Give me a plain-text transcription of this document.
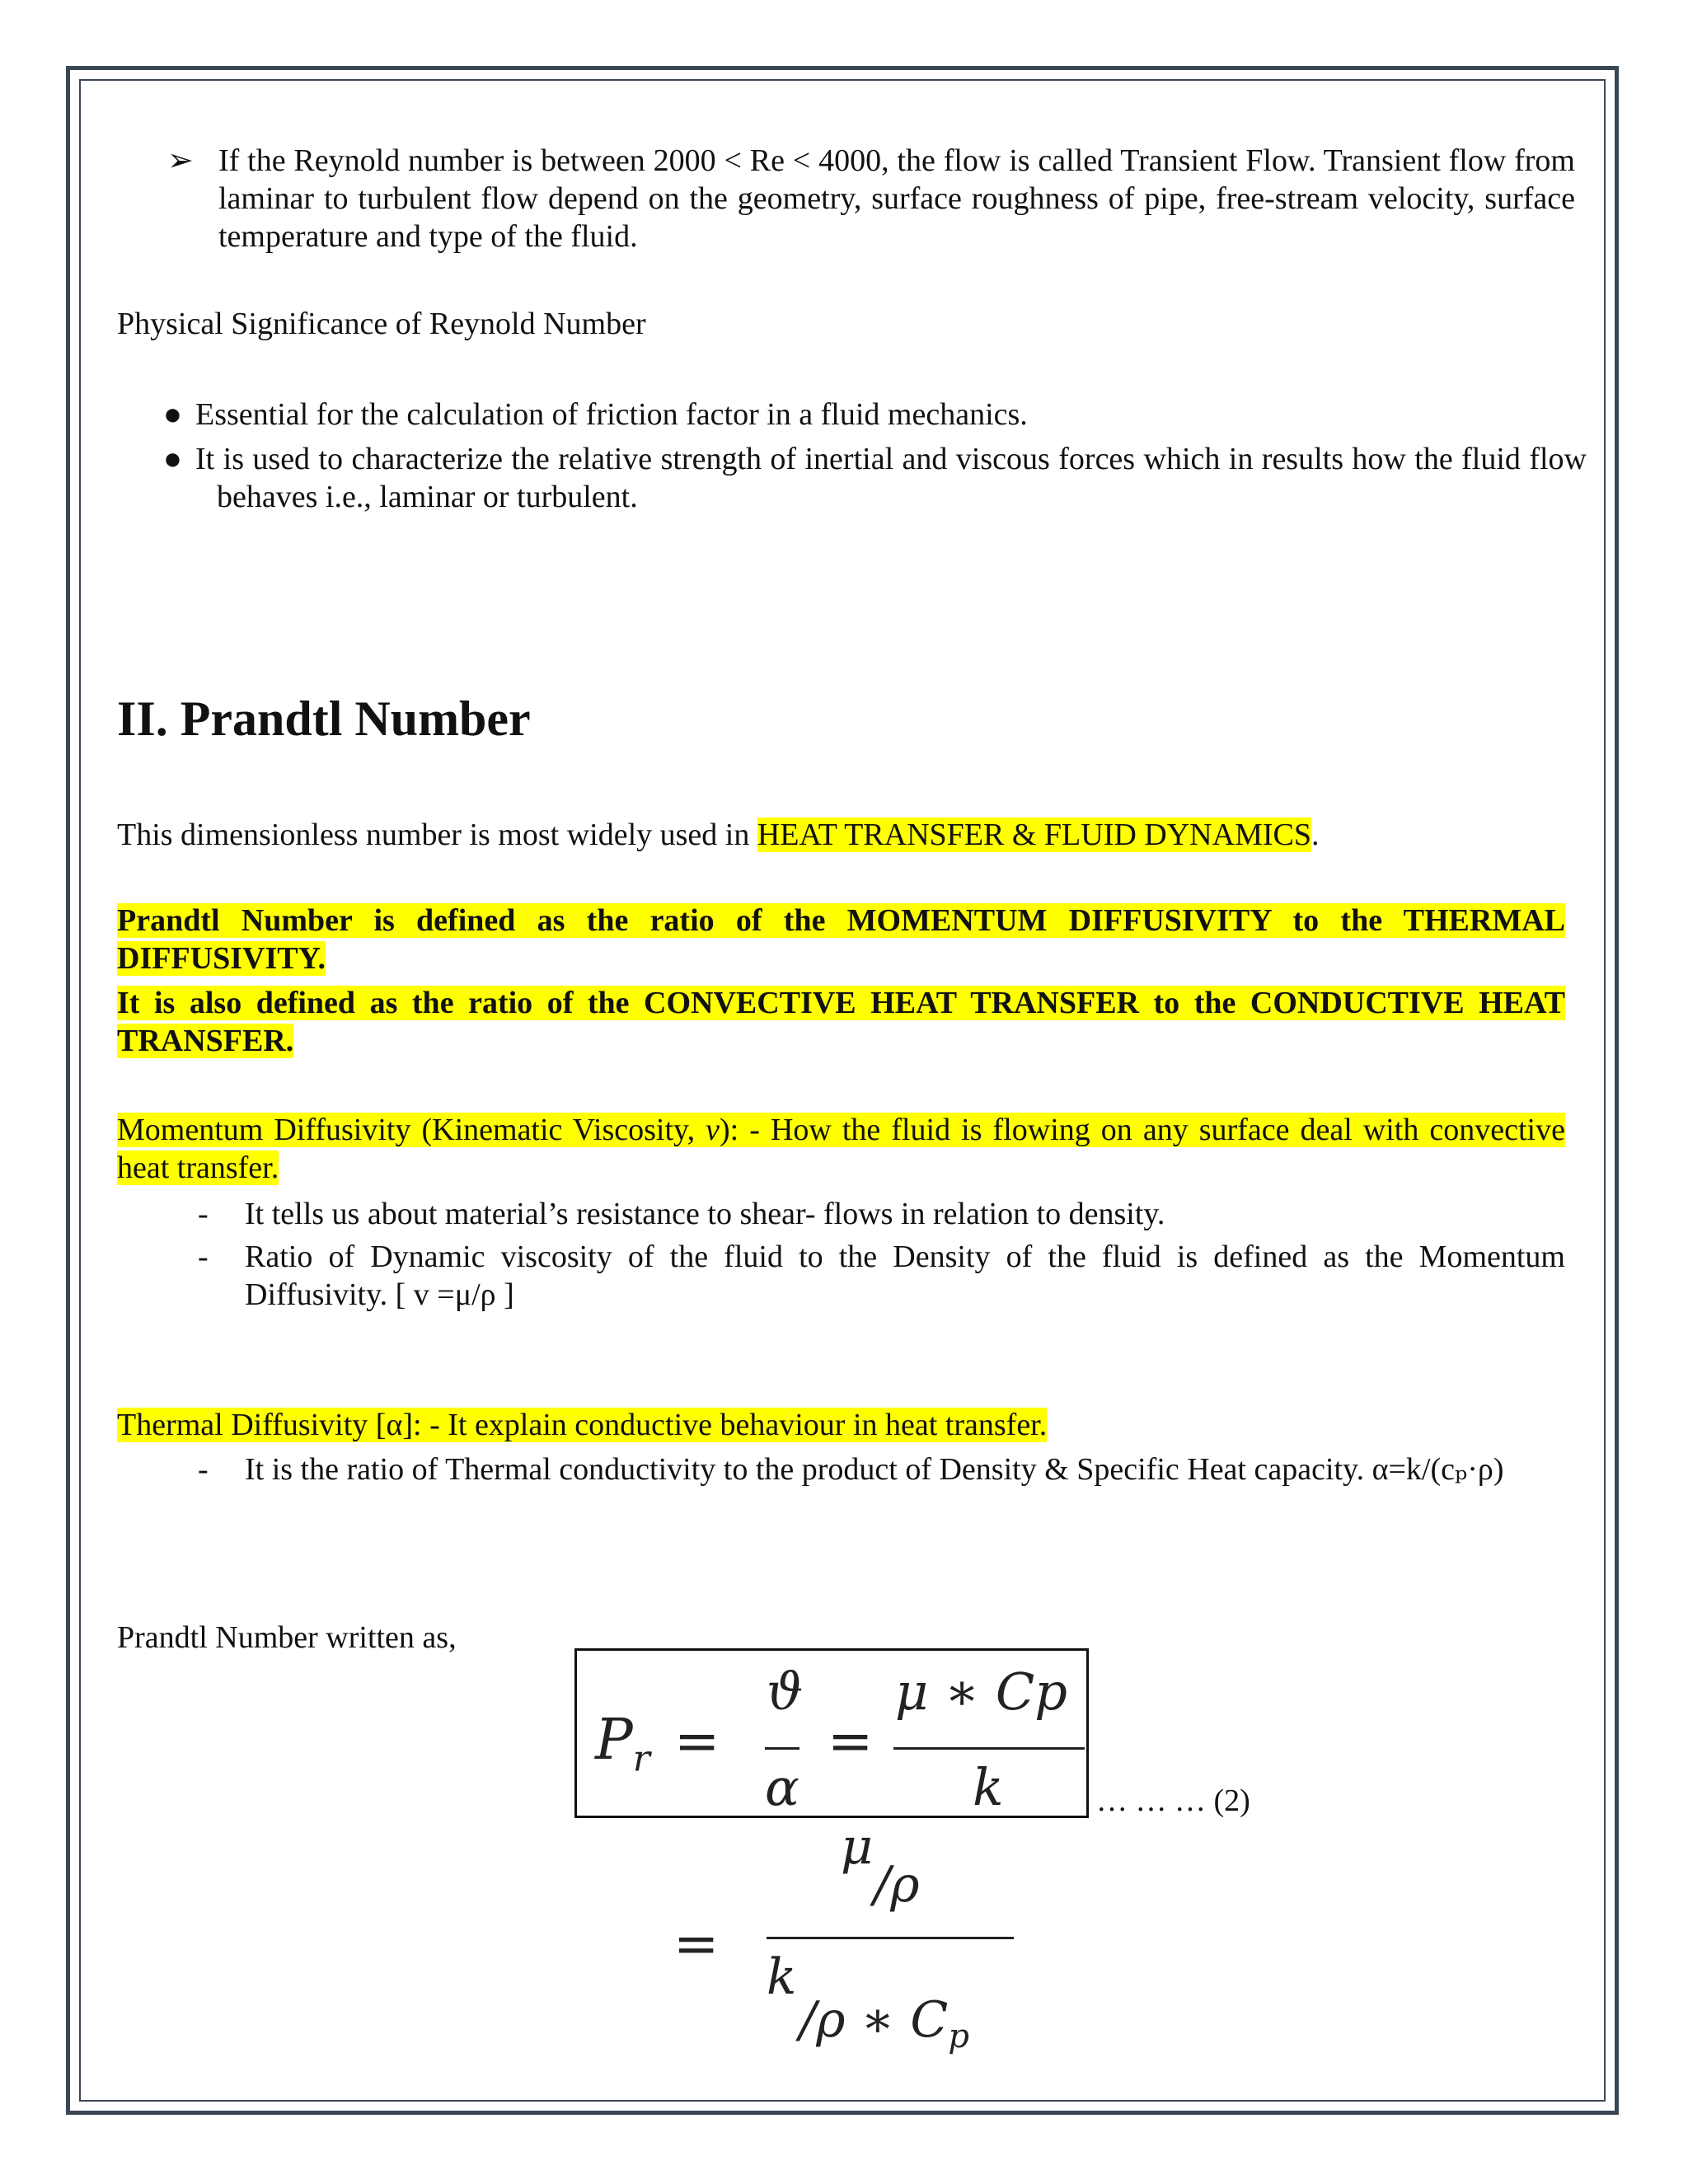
➢ If the Reynold number is between 2000 < Re < 4000, the flow is called Transient Flow. Transient flow from laminar to turbulent flow depend on the geometry, surface roughness of pipe, free-stream velocity, surface temperature and type of the fluid.
Physical Significance of Reynold Number
● Essential for the calculation of friction factor in a fluid mechanics.
● It is used to characterize the relative strength of inertial and viscous forces which in results how the fluid flow behaves i.e., laminar or turbulent.
II. Prandtl Number
This dimensionless number is most widely used in HEAT TRANSFER & FLUID DYNAMICS.
Prandtl Number is defined as the ratio of the MOMENTUM DIFFUSIVITY to the THERMAL DIFFUSIVITY.
It is also defined as the ratio of the CONVECTIVE HEAT TRANSFER to the CONDUCTIVE HEAT TRANSFER.
Momentum Diffusivity (Kinematic Viscosity, v): - How the fluid is flowing on any surface deal with convective heat transfer.
- It tells us about material’s resistance to shear- flows in relation to density.
- Ratio of Dynamic viscosity of the fluid to the Density of the fluid is defined as the Momentum Diffusivity. [ v =μ/ρ ]
Thermal Diffusivity [α]: - It explain conductive behaviour in heat transfer.
- It is the ratio of Thermal conductivity to the product of Density & Specific Heat capacity. α=k/(cₚ·ρ)
Prandtl Number written as,
$P_r$ =
ϑ
α
=
μ ∗ Cp
k	… … … (2)
=
μ
/ρ
k
/ρ ∗ $C_p$
